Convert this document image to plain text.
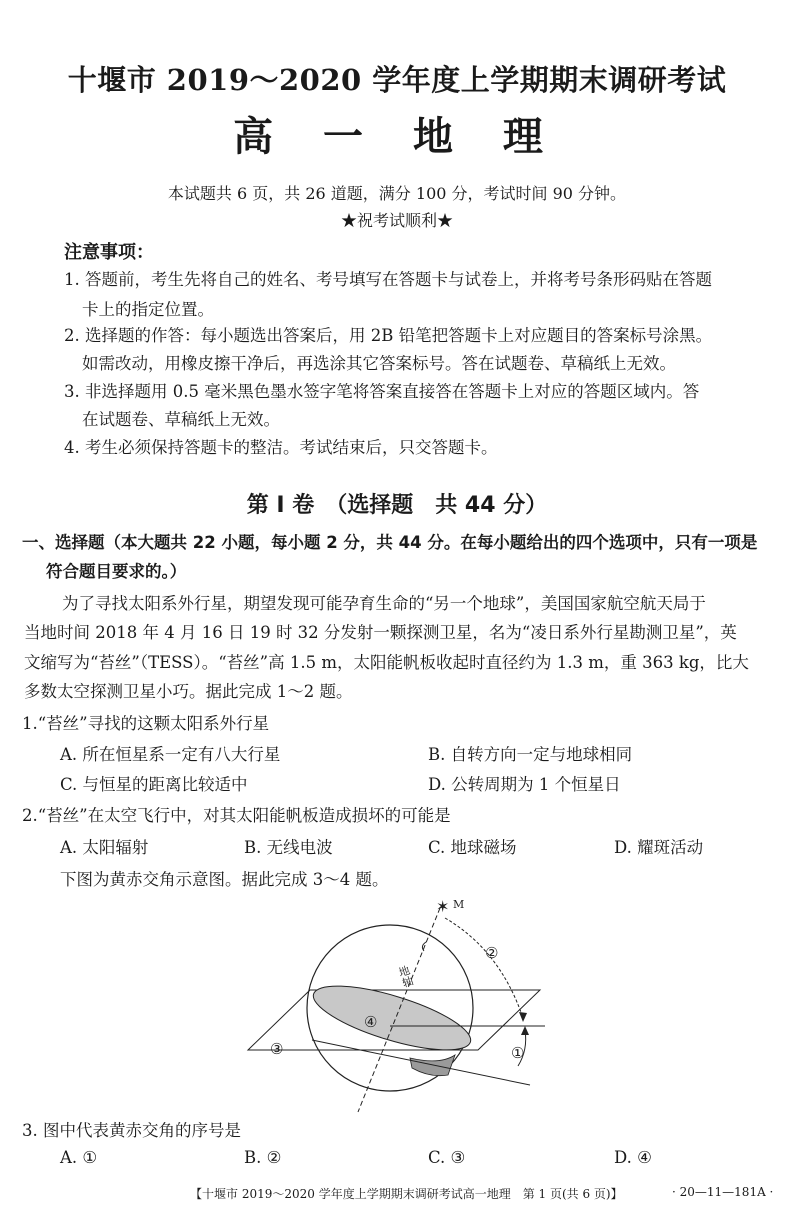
十堰市 2019～2020 学年度上学期期末调研考试
高 一 地 理
本试题共 6 页，共 26 道题，满分 100 分，考试时间 90 分钟。
★祝考试顺利★
注意事项：
1. 答题前，考生先将自己的姓名、考号填写在答题卡与试卷上，并将考号条形码贴在答题
卡上的指定位置。
2. 选择题的作答：每小题选出答案后，用 2B 铅笔把答题卡上对应题目的答案标号涂黑。
如需改动，用橡皮擦干净后，再选涂其它答案标号。答在试题卷、草稿纸上无效。
3. 非选择题用 0.5 毫米黑色墨水签字笔将答案直接答在答题卡上对应的答题区域内。答
在试题卷、草稿纸上无效。
4. 考生必须保持答题卡的整洁。考试结束后，只交答题卡。
第 Ⅰ 卷　（选择题　共 44 分）
一、选择题（本大题共 22 小题，每小题 2 分，共 44 分。在每小题给出的四个选项中，只有一项是
符合题目要求的。）
为了寻找太阳系外行星，期望发现可能孕育生命的“另一个地球”，美国国家航空航天局于
当地时间 2018 年 4 月 16 日 19 时 32 分发射一颗探测卫星，名为“凌日系外行星勘测卫星”，英
文缩写为“苔丝”（TESS）。“苔丝”高 1.5 m，太阳能帆板收起时直径约为 1.3 m，重 363 kg，比大
多数太空探测卫星小巧。据此完成 1～2 题。
1.“苔丝”寻找的这颗太阳系外行星
A. 所在恒星系一定有八大行星	B. 自转方向一定与地球相同
C. 与恒星的距离比较适中	D. 公转周期为 1 个恒星日
2.“苔丝”在太空飞行中，对其太阳能帆板造成损坏的可能是
A. 太阳辐射	B. 无线电波	C. 地球磁场	D. 耀斑活动
下图为黄赤交角示意图。据此完成 3～4 题。
✶ M
地轴
②
①
③
④
3. 图中代表黄赤交角的序号是
A. ①	B. ②	C. ③	D. ④
【十堰市 2019～2020 学年度上学期期末调研考试高一地理　第 1 页(共 6 页)】	· 20—11—181A ·
